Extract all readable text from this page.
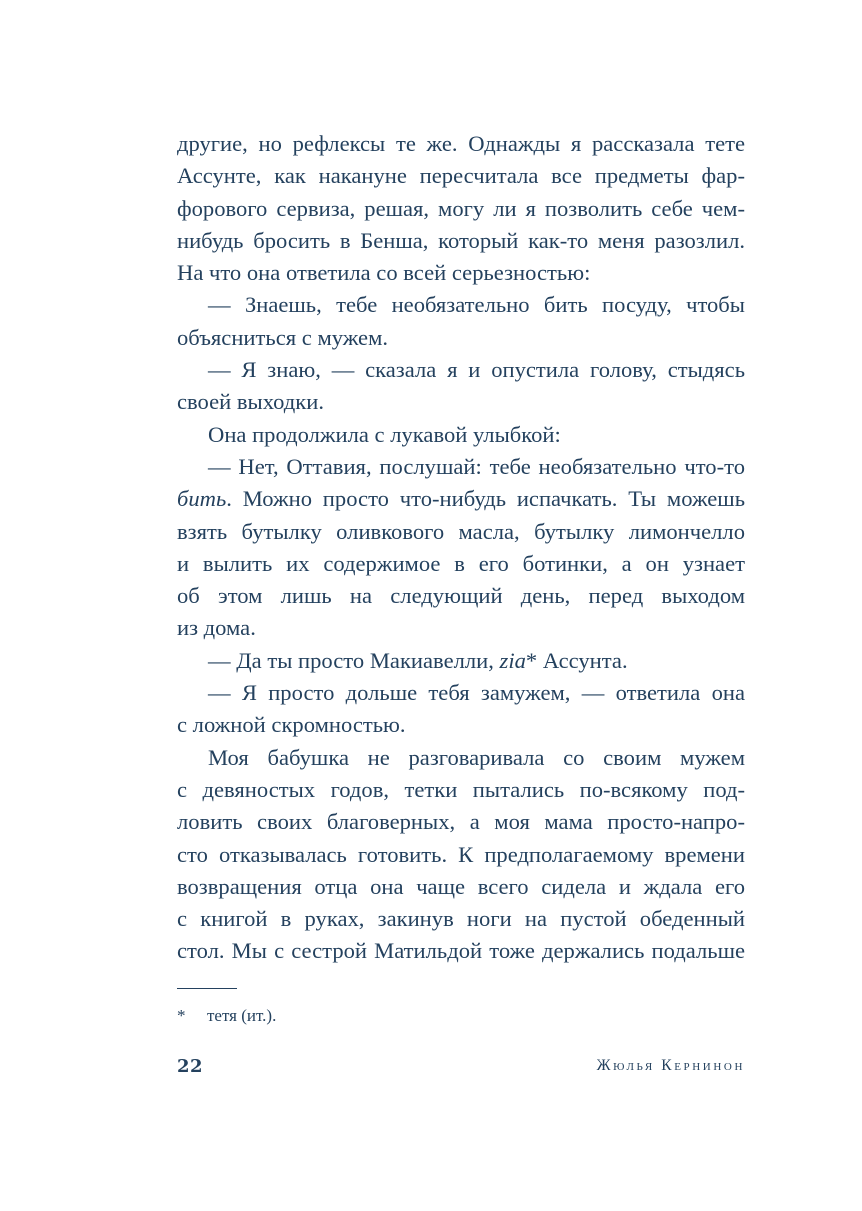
другие, но рефлексы те же. Однажды я рассказала тете
Ассунте, как накануне пересчитала все предметы фар-
форового сервиза, решая, могу ли я позволить себе чем-
нибудь бросить в Бенша, который как-то меня разозлил.
На что она ответила со всей серьезностью:
— Знаешь, тебе необязательно бить посуду, чтобы
объясниться с мужем.
— Я знаю, — сказала я и опустила голову, стыдясь
своей выходки.
Она продолжила с лукавой улыбкой:
— Нет, Оттавия, послушай: тебе необязательно что-то
бить. Можно просто что-нибудь испачкать. Ты можешь
взять бутылку оливкового масла, бутылку лимончелло
и вылить их содержимое в его ботинки, а он узнает
об этом лишь на следующий день, перед выходом
из дома.
— Да ты просто Макиавелли, zia* Ассунта.
— Я просто дольше тебя замужем, — ответила она
с ложной скромностью.
Моя бабушка не разговаривала со своим мужем
с девяностых годов, тетки пытались по-всякому под-
ловить своих благоверных, а моя мама просто-напро-
сто отказывалась готовить. К предполагаемому времени
возвращения отца она чаще всего сидела и ждала его
с книгой в руках, закинув ноги на пустой обеденный
стол. Мы с сестрой Матильдой тоже держались подальше
* тетя (ит.).
22	Жюлья Кернинон
